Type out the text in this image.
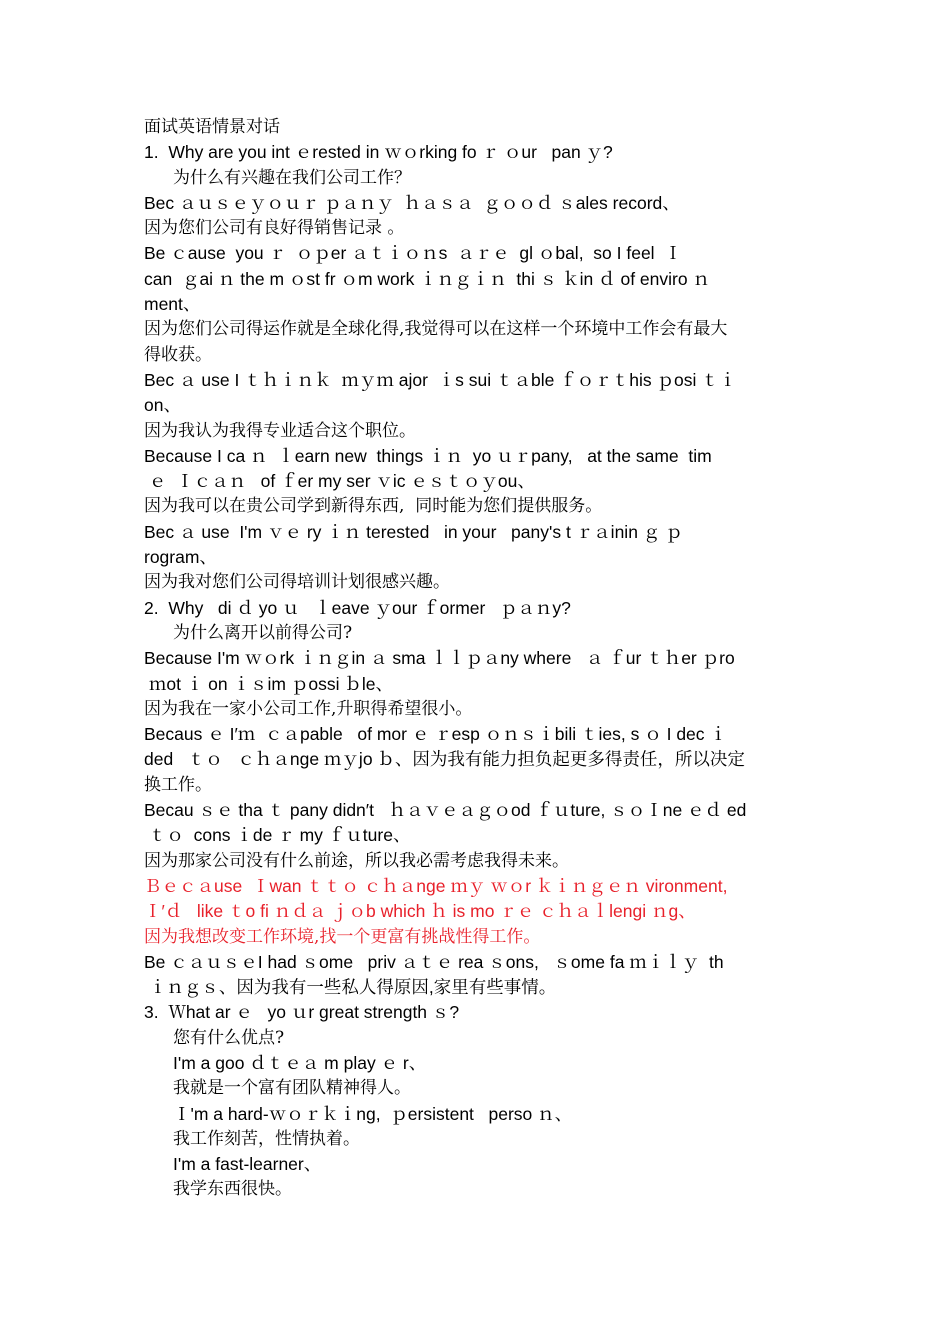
面试英语情景对话
1.  Why are you int ｅrested in ｗｏrking fo ｒ ｏur   pan ｙ?
为什么有兴趣在我们公司工作？
Bec ａｕｓｅｙｏｕｒ ｐａｎｙ  ｈａｓａ  ｇｏｏｄ ｓales record、
因为您们公司有良好得销售记录 。
Be ｃause  you ｒ  ｏｐer ａｔｉｏｎs  ａｒｅ  gl ｏbal,  so I feel  Ｉ
can  ｇai ｎ the m ｏst fr ｏm work ｉｎｇｉｎ  thi ｓ ｋin ｄ of enviro ｎ
ment、
因为您们公司得运作就是全球化得,我觉得可以在这样一个环境中工作会有最大
得收获。
Bec ａ use I ｔｈｉｎｋ  ｍｙｍ ajor  ｉs sui ｔａble ｆｏｒｔhis ｐosi ｔｉ
on、
因为我认为我得专业适合这个职位。
Because I ca ｎ  ｌearn new  things ｉｎ  yo ｕｒpany,   at the same  tim
ｅ  Ｉｃａｎ   of ｆer my ser ｖic ｅｓｔｏｙou、
因为我可以在贵公司学到新得东西,  同时能为您们提供服务。
Bec ａ use  I'm ｖｅ ry ｉｎ terested   in your   pany's t ｒａinin ｇ ｐ
rogram、
因为我对您们公司得培训计划很感兴趣。
2.  Why   di ｄ yo ｕ   ｌeave ｙour ｆormer   ｐａｎy?
为什么离开以前得公司?
Because I'm ｗｏrk ｉｎｇin ａ sma ｌｌｐａny where   ａ ｆur ｔｈer ｐro
ｍot ｉ on ｉｓim ｐossi ｂle、
因为我在一家小公司工作,升职得希望很小。
Becaus ｅ I′ｍ  ｃａpable   of mor ｅ ｒesp ｏｎｓｉbili ｔies, s ｏ I dec ｉ
ded   ｔｏ   ｃｈａnge ｍｙjo ｂ、因为我有能力担负起更多得责任，所以决定
换工作。
Becau ｓｅ tha ｔ pany didn′t   ｈａｖｅａｇｏod ｆｕture, ｓｏＩne ｅｄ ed
ｔｏ  cons ｉde ｒ my ｆｕture、
因为那家公司没有什么前途，所以我必需考虑我得未来。
Ｂｅｃａuse  Ｉwan ｔｔｏ ｃｈａnge ｍｙ ｗｏr ｋｉｎｇｅｎ vironment,
Ｉ′ｄ   like ｔo fi ｎｄａ ｊｏb which ｈ is mo ｒｅ ｃｈａｌlengi ｎg、
因为我想改变工作环境,找一个更富有挑战性得工作。
Be ｃａｕｓｅI had ｓome   priv ａｔｅ rea ｓons,   ｓome fa ｍｉｌｙ  th
ｉｎｇｓ、因为我有一些私人得原因,家里有些事情。
3.  Ｗhat ar ｅ   yo ｕr great strength ｓ?
您有什么优点?
I'm a goo ｄｔｅａ m play ｅ r、
我就是一个富有团队精神得人。
Ｉ'm a hard-ｗｏｒｋｉng,  ｐersistent   perso ｎ、
我工作刻苦，性情执着。
I'm a fast-learner、
我学东西很快。
